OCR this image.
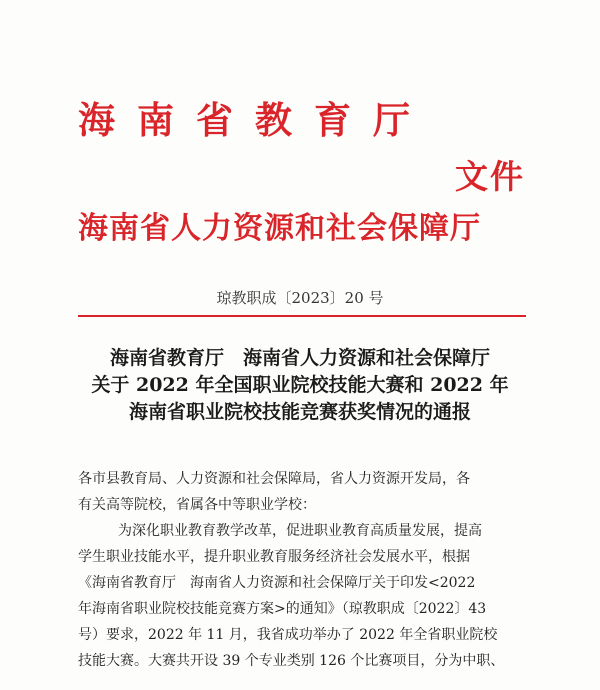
海南省教育厅
文件
海南省人力资源和社会保障厅
琼教职成〔2023〕20 号
海南省教育厅　海南省人力资源和社会保障厅
关于 2022 年全国职业院校技能大赛和 2022 年
海南省职业院校技能竞赛获奖情况的通报
各市县教育局、人力资源和社会保障局，省人力资源开发局，各
有关高等院校，省属各中等职业学校：
为深化职业教育教学改革，促进职业教育高质量发展，提高
学生职业技能水平，提升职业教育服务经济社会发展水平，根据
《海南省教育厅　海南省人力资源和社会保障厅关于印发<2022
年海南省职业院校技能竞赛方案>的通知》（琼教职成〔2022〕43
号）要求，2022 年 11 月，我省成功举办了 2022 年全省职业院校
技能大赛。大赛共开设 39 个专业类别 126 个比赛项目，分为中职、
